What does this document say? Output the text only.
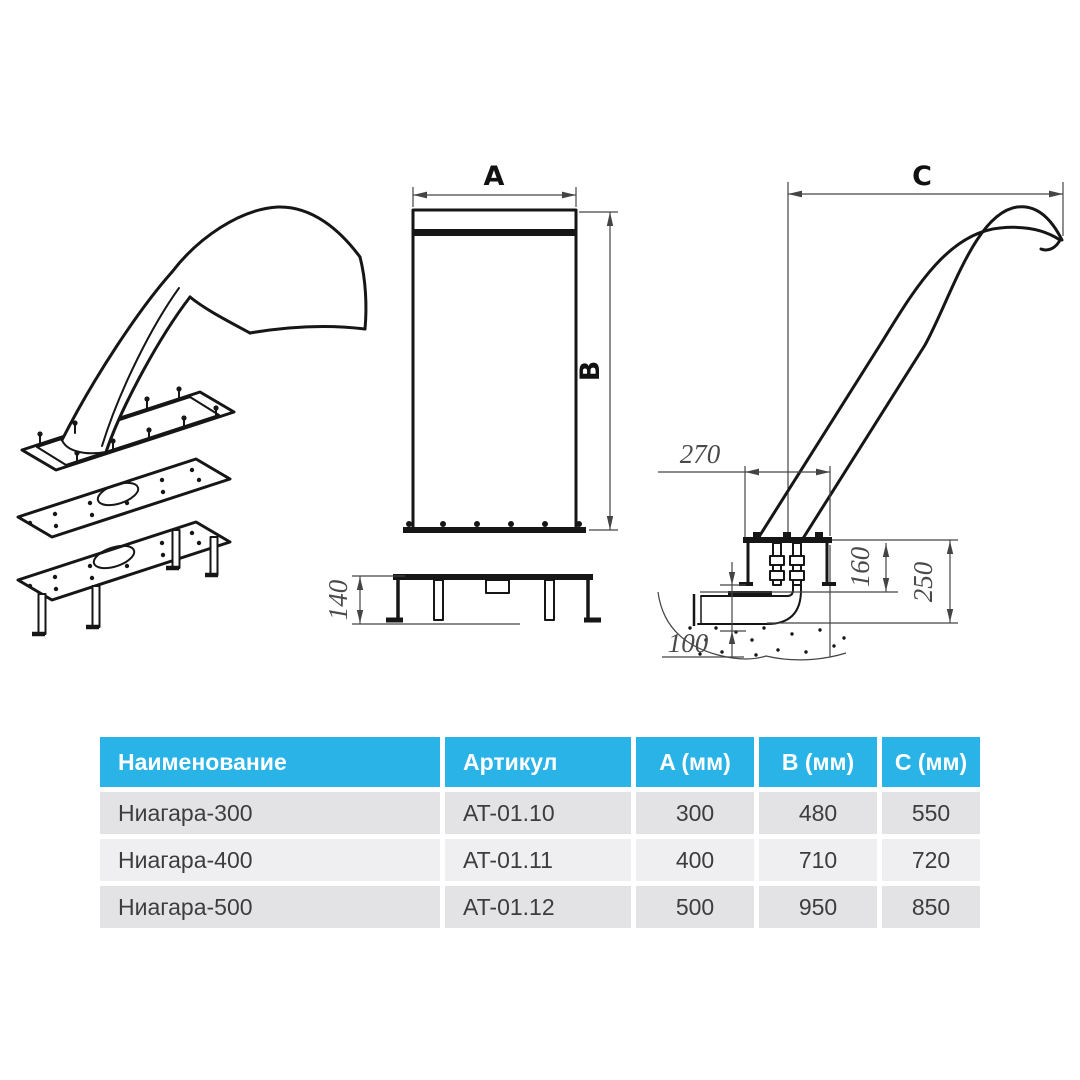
A
B
140
C
270
160 250
100
Наименование	Артикул	A (мм)	B (мм)	C (мм)
Ниагара-300	AT-01.10	300	480	550
Ниагара-400	AT-01.11	400	710	720
Ниагара-500	AT-01.12	500	950	850
